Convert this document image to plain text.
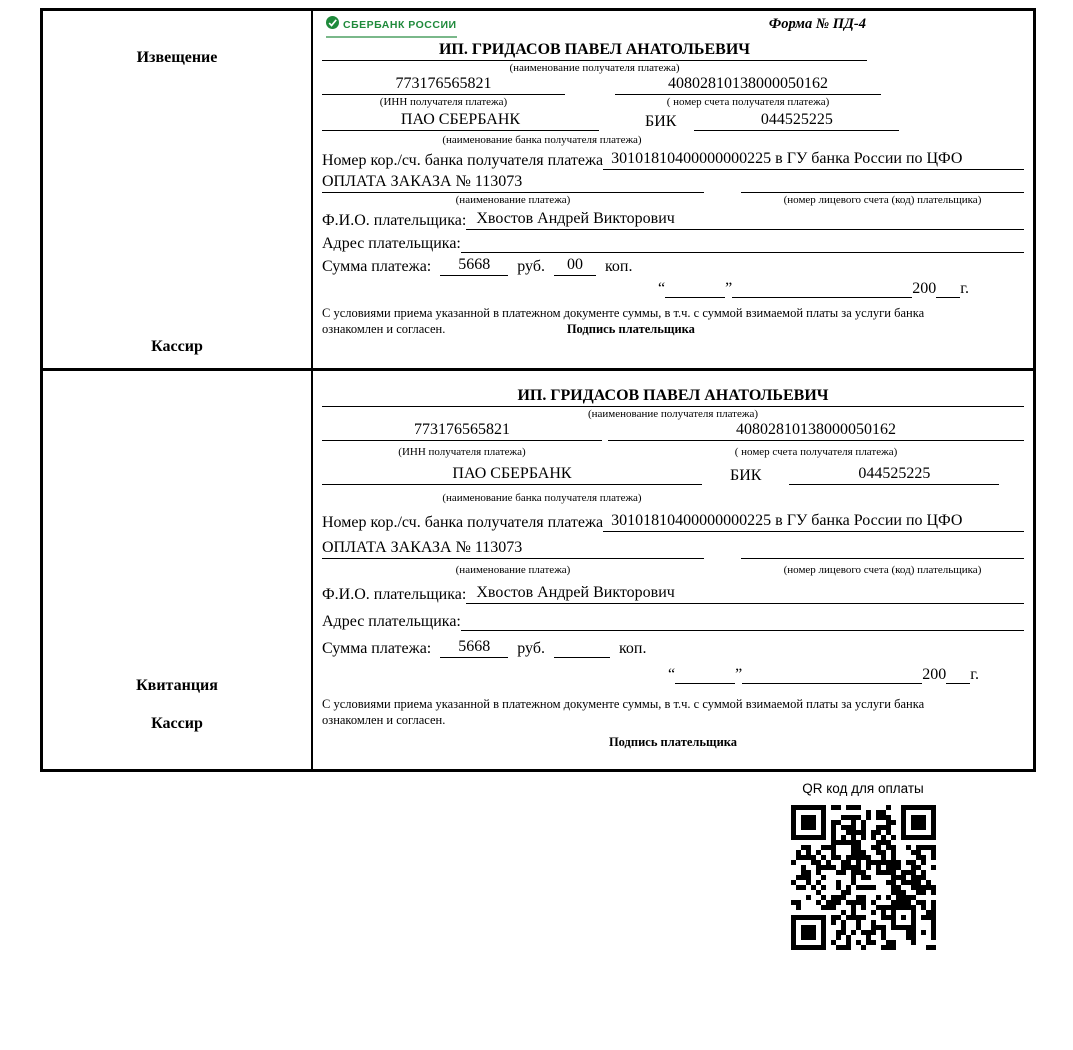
Извещение
Кассир
СБЕРБАНК РОССИИ	Форма № ПД-4
ИП. ГРИДАСОВ ПАВЕЛ АНАТОЛЬЕВИЧ
(наименование получателя платежа)
773176565821	40802810138000050162
(ИНН получателя платежа)	( номер счета получателя платежа)
ПАО СБЕРБАНК	БИК	044525225
(наименование банка получателя платежа)
Номер кор./сч. банка получателя платежа 30101810400000000225 в ГУ банка России по ЦФО
ОПЛАТА ЗАКАЗА № 113073
(наименование платежа)	(номер лицевого счета (код) плательщика)
Ф.И.О. плательщика: Хвостов Андрей Викторович
Адрес плательщика:
Сумма платежа:	5668	руб.	00	коп.
“	”	200 г.

С условиями приема указанной в платежном документе суммы, в т.ч. с суммой взимаемой платы за услуги банка ознакомлен и согласен.	Подпись плательщика
Квитанция
Кассир
ИП. ГРИДАСОВ ПАВЕЛ АНАТОЛЬЕВИЧ
(наименование получателя платежа)
773176565821	40802810138000050162
(ИНН получателя платежа)	( номер счета получателя платежа)
ПАО СБЕРБАНК	БИК	044525225
(наименование банка получателя платежа)
Номер кор./сч. банка получателя платежа 30101810400000000225 в ГУ банка России по ЦФО
ОПЛАТА ЗАКАЗА № 113073
(наименование платежа)	(номер лицевого счета (код) плательщика)
Ф.И.О. плательщика: Хвостов Андрей Викторович
Адрес плательщика:
Сумма платежа:	5668	руб.	коп.
“	”	200 г.

С условиями приема указанной в платежном документе суммы, в т.ч. с суммой взимаемой платы за услуги банка ознакомлен и согласен.

Подпись плательщика
QR код для оплаты
